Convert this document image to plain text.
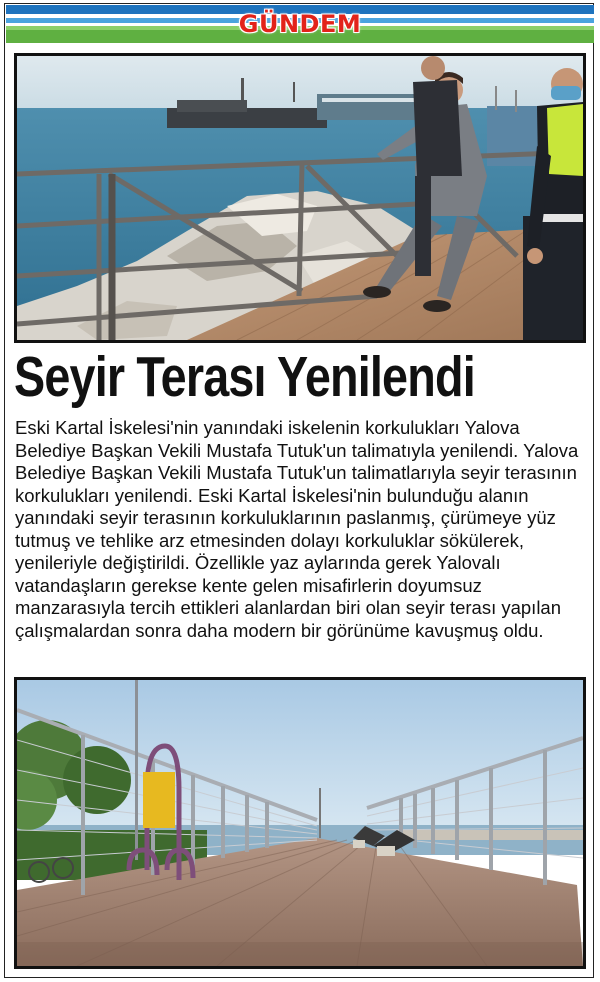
GÜNDEM
Seyir Terası Yenilendi

Eski Kartal İskelesi'nin yanındaki iskelenin korkulukları Yalova Belediye Başkan Vekili Mustafa Tutuk'un talimatıyla yenilendi. Yalova Belediye Başkan Vekili Mustafa Tutuk'un talimatlarıyla seyir terasının korkulukları yenilendi. Eski Kartal İskelesi'nin bulunduğu alanın yanındaki seyir terasının korkuluklarının paslanmış, çürümeye yüz tutmuş ve tehlike arz etmesinden dolayı korkuluklar sökülerek, yenileriyle değiştirildi. Özellikle yaz aylarında gerek Yalovalı vatandaşların gerekse kente gelen misafirlerin doyumsuz manzarasıyla tercih ettikleri alanlardan biri olan seyir terası yapılan çalışmalardan sonra daha modern bir görünüme kavuşmuş oldu.
